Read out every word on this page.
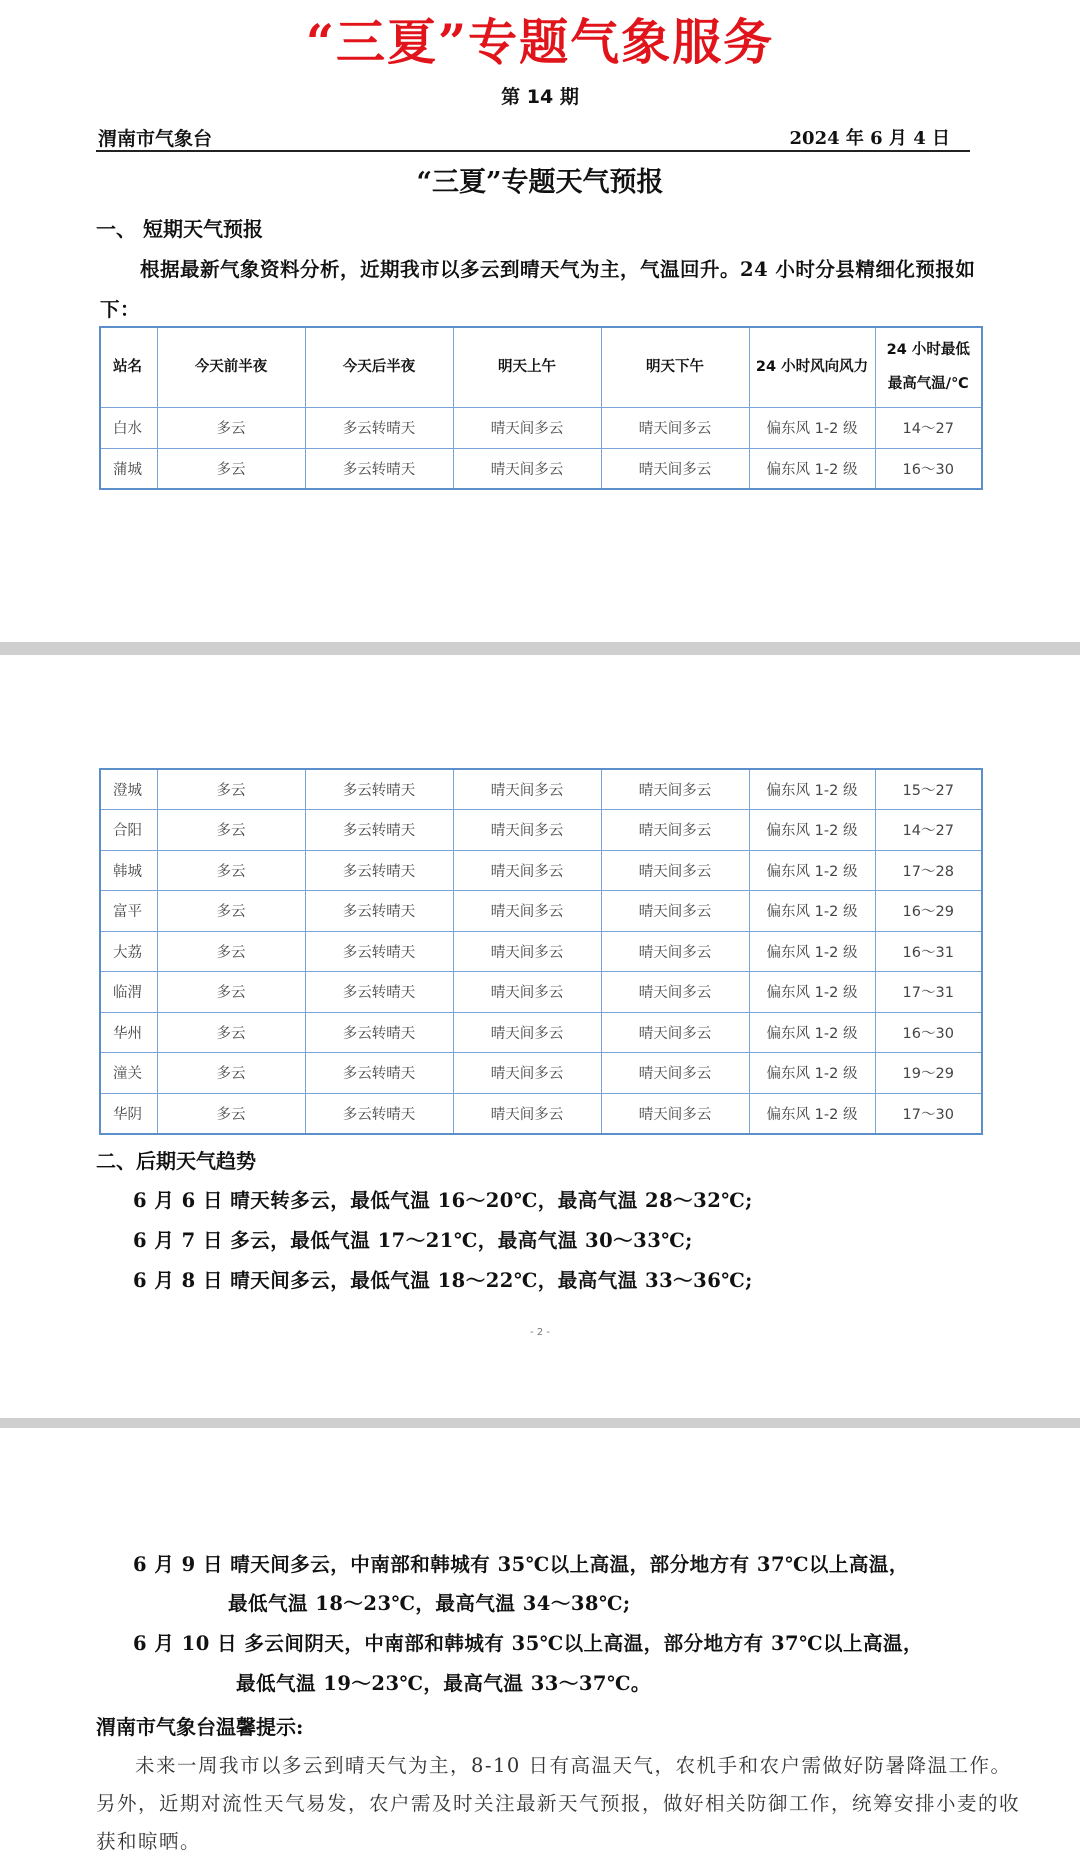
“三夏”专题气象服务
第 14 期
渭南市气象台	2024 年 6 月 4 日
“三夏”专题天气预报
一、 短期天气预报
根据最新气象资料分析，近期我市以多云到晴天气为主，气温回升。24 小时分县精细化预报如
下：
站名	今天前半夜	今天后半夜	明天上午	明天下午	24 小时风向风力	24 小时最低
最高气温/℃

白水	多云	多云转晴天	晴天间多云	晴天间多云	偏东风 1-2 级	14～27
蒲城	多云	多云转晴天	晴天间多云	晴天间多云	偏东风 1-2 级	16～30
澄城	多云	多云转晴天	晴天间多云	晴天间多云	偏东风 1-2 级	15～27
合阳	多云	多云转晴天	晴天间多云	晴天间多云	偏东风 1-2 级	14～27
韩城	多云	多云转晴天	晴天间多云	晴天间多云	偏东风 1-2 级	17～28
富平	多云	多云转晴天	晴天间多云	晴天间多云	偏东风 1-2 级	16～29
大荔	多云	多云转晴天	晴天间多云	晴天间多云	偏东风 1-2 级	16～31
临渭	多云	多云转晴天	晴天间多云	晴天间多云	偏东风 1-2 级	17～31
华州	多云	多云转晴天	晴天间多云	晴天间多云	偏东风 1-2 级	16～30
潼关	多云	多云转晴天	晴天间多云	晴天间多云	偏东风 1-2 级	19～29
华阴	多云	多云转晴天	晴天间多云	晴天间多云	偏东风 1-2 级	17～30
二、后期天气趋势
6 月 6 日 晴天转多云，最低气温 16～20℃，最高气温 28～32℃;
6 月 7 日 多云，最低气温 17～21℃，最高气温 30～33℃;
6 月 8 日 晴天间多云，最低气温 18～22℃，最高气温 33～36℃;
- 2 -
6 月 9 日 晴天间多云，中南部和韩城有 35℃以上高温，部分地方有 37℃以上高温，
最低气温 18～23℃，最高气温 34～38℃;
6 月 10 日 多云间阴天，中南部和韩城有 35℃以上高温，部分地方有 37℃以上高温，
最低气温 19～23℃，最高气温 33～37℃。
渭南市气象台温馨提示:
未来一周我市以多云到晴天气为主，8-10 日有高温天气，农机手和农户需做好防暑降温工作。
另外，近期对流性天气易发，农户需及时关注最新天气预报，做好相关防御工作，统筹安排小麦的收
获和晾晒。
